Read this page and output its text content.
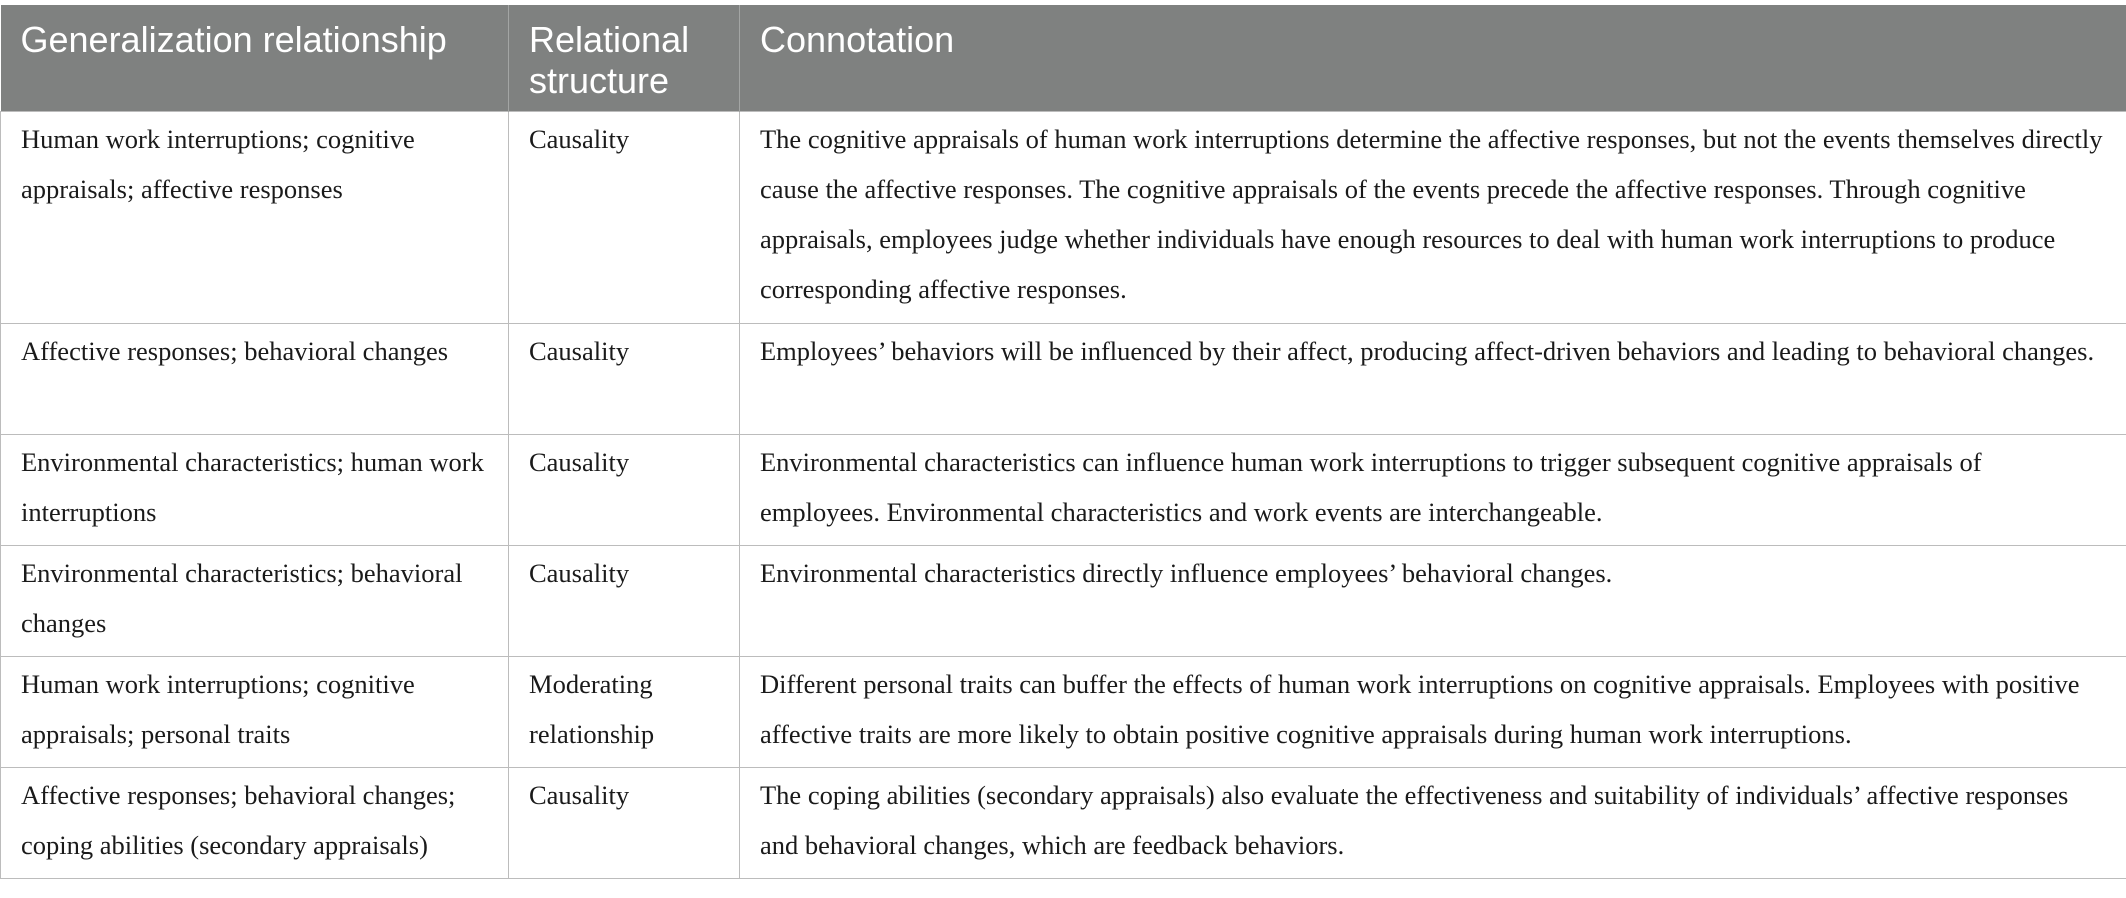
Generalization relationship	Relational structure	Connotation
Human work interruptions; cognitive appraisals; affective responses	Causality	The cognitive appraisals of human work interruptions determine the affective responses, but not the events themselves directly cause the affective responses. The cognitive appraisals of the events precede the affective responses. Through cognitive appraisals, employees judge whether individuals have enough resources to deal with human work interruptions to produce corresponding affective responses.
Affective responses; behavioral changes	Causality	Employees’ behaviors will be influenced by their affect, producing affect-driven behaviors and leading to behavioral changes.
Environmental characteristics; human work interruptions	Causality	Environmental characteristics can influence human work interruptions to trigger subsequent cognitive appraisals of employees. Environmental characteristics and work events are interchangeable.
Environmental characteristics; behavioral changes	Causality	Environmental characteristics directly influence employees’ behavioral changes.
Human work interruptions; cognitive appraisals; personal traits	Moderating relationship	Different personal traits can buffer the effects of human work interruptions on cognitive appraisals. Employees with positive affective traits are more likely to obtain positive cognitive appraisals during human work interruptions.
Affective responses; behavioral changes; coping abilities (secondary appraisals)	Causality	The coping abilities (secondary appraisals) also evaluate the effectiveness and suitability of individuals’ affective responses and behavioral changes, which are feedback behaviors.
